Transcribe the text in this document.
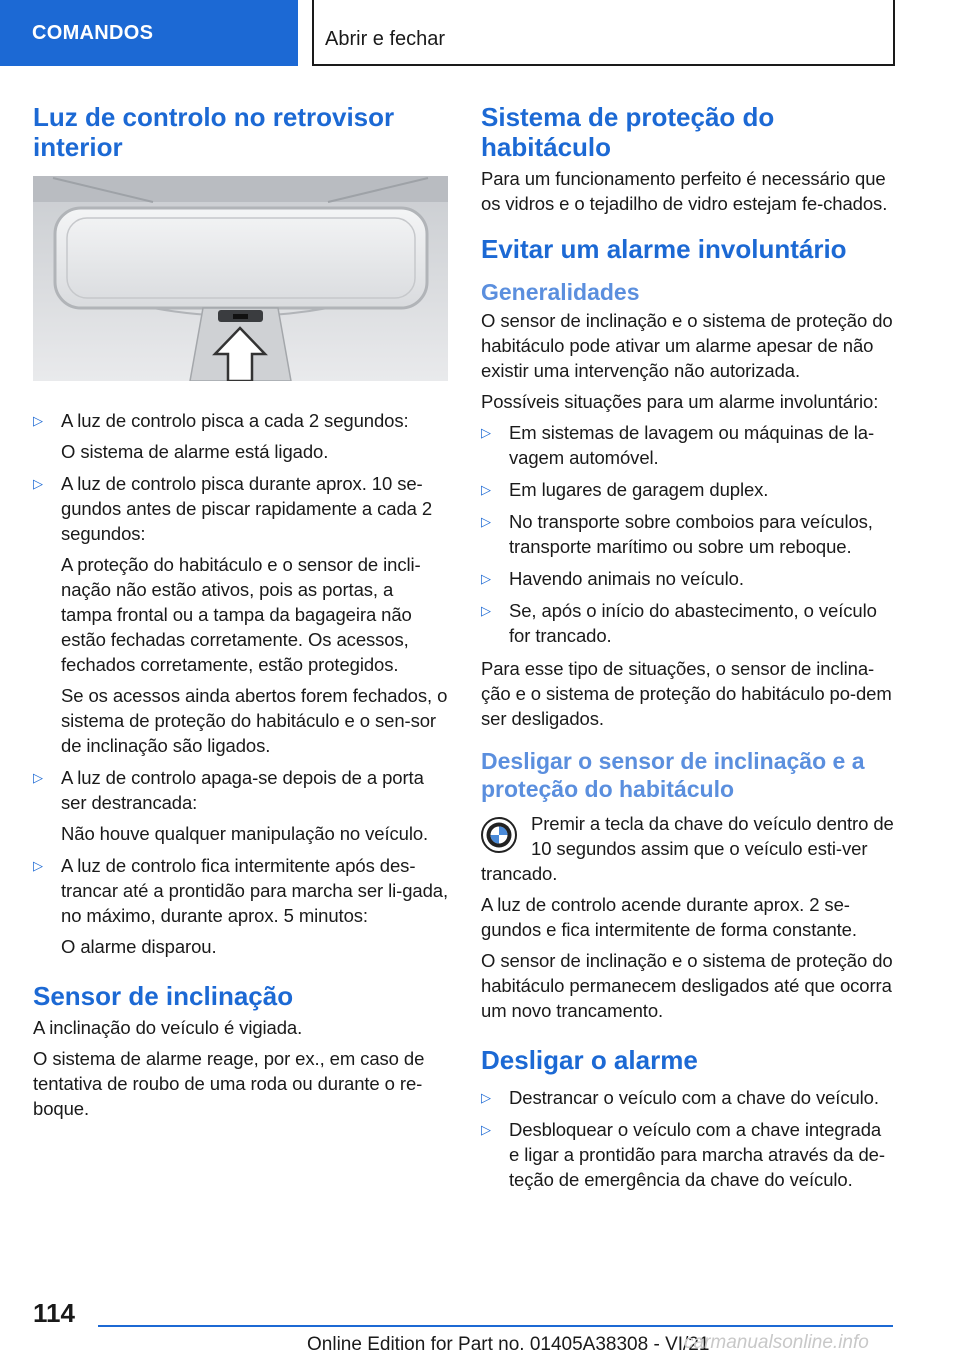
COMANDOS	Abrir e fechar
Luz de controlo no retrovisor interior
▷ A luz de controlo pisca a cada 2 segundos:

O sistema de alarme está ligado.

▷ A luz de controlo pisca durante aprox. 10 se-gundos antes de piscar rapidamente a cada 2 segundos:

A proteção do habitáculo e o sensor de incli-nação não estão ativos, pois as portas, a tampa frontal ou a tampa da bagageira não estão fechadas corretamente. Os acessos, fechados corretamente, estão protegidos.

Se os acessos ainda abertos forem fechados, o sistema de proteção do habitáculo e o sen-sor de inclinação são ligados.

▷ A luz de controlo apaga-se depois de a porta ser destrancada:

Não houve qualquer manipulação no veículo.

▷ A luz de controlo fica intermitente após des-trancar até a prontidão para marcha ser li-gada, no máximo, durante aprox. 5 minutos:

O alarme disparou.

Sensor de inclinação

A inclinação do veículo é vigiada.

O sistema de alarme reage, por ex., em caso de tentativa de roubo de uma roda ou durante o re-boque.

Sistema de proteção do habitáculo

Para um funcionamento perfeito é necessário que os vidros e o tejadilho de vidro estejam fe-chados.

Evitar um alarme involuntário
Generalidades

O sensor de inclinação e o sistema de proteção do habitáculo pode ativar um alarme apesar de não existir uma intervenção não autorizada.

Possíveis situações para um alarme involuntário:

▷ Em sistemas de lavagem ou máquinas de la-vagem automóvel.
▷ Em lugares de garagem duplex.
▷ No transporte sobre comboios para veículos, transporte marítimo ou sobre um reboque.
▷ Havendo animais no veículo.
▷ Se, após o início do abastecimento, o veículo for trancado.

Para esse tipo de situações, o sensor de inclina-ção e o sistema de proteção do habitáculo po-dem ser desligados.

Desligar o sensor de inclinação e a proteção do habitáculo

Premir a tecla da chave do veículo dentro de 10 segundos assim que o veículo esti-ver trancado.

A luz de controlo acende durante aprox. 2 se-gundos e fica intermitente de forma constante.

O sensor de inclinação e o sistema de proteção do habitáculo permanecem desligados até que ocorra um novo trancamento.

Desligar o alarme
▷ Destrancar o veículo com a chave do veículo.
▷ Desbloquear o veículo com a chave integrada e ligar a prontidão para marcha através da de-teção de emergência da chave do veículo.
114
Online Edition for Part no. 01405A38308 - VI/21
carmanualsonline.info
